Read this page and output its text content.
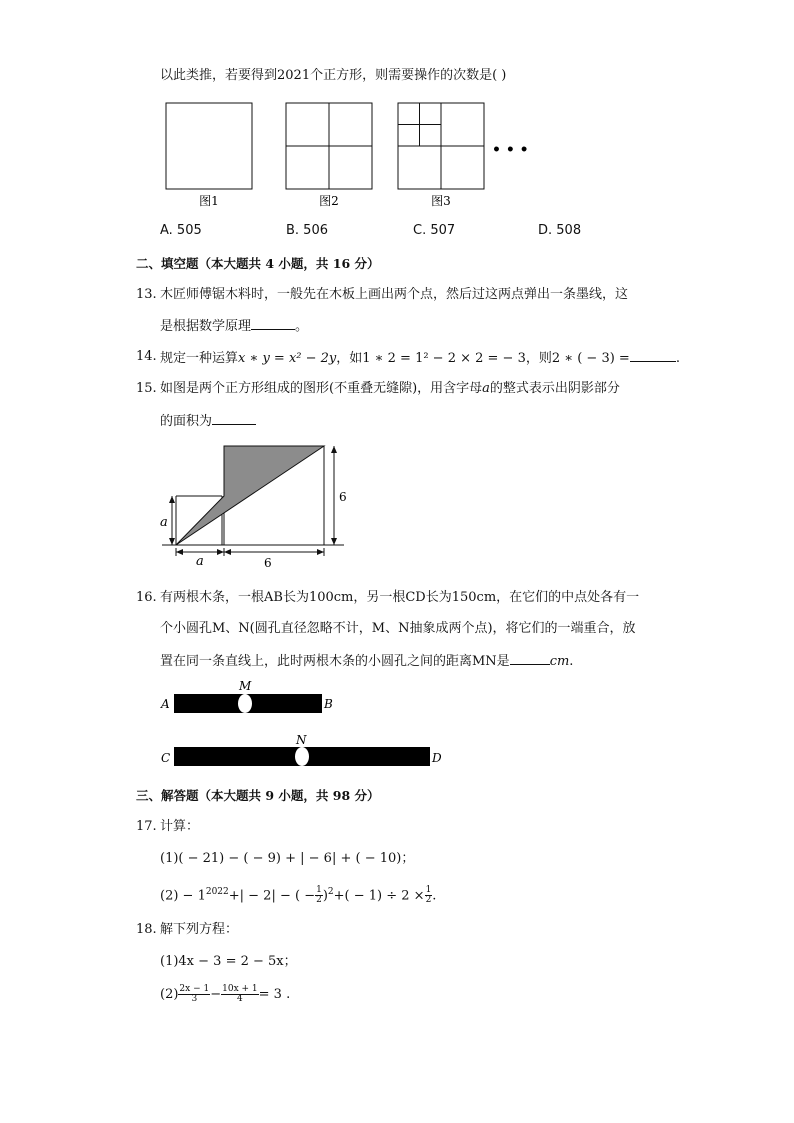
以此类推，若要得到2021个正方形，则需要操作的次数是( )
图1	图2	图3
• • •
A. 505	B. 506	C. 507	D. 508
二、填空题（本大题共 4 小题，共 16 分）
13. 木匠师傅锯木料时，一般先在木板上画出两个点，然后过这两点弹出一条墨线，这
是根据数学原理	。
14. 规定一种运算x ∗ y = x² − 2y，如1 ∗ 2 = 1² − 2 × 2 = − 3，则2 ∗ ( − 3) =	.
15. 如图是两个正方形组成的图形(不重叠无缝隙)，用含字母a的整式表示出阴影部分
的面积为
a
a	6
6
16. 有两根木条，一根AB长为100cm，另一根CD长为150cm，在它们的中点处各有一
个小圆孔M、N(圆孔直径忽略不计，M、N抽象成两个点)，将它们的一端重合，放
置在同一条直线上，此时两根木条的小圆孔之间的距离MN是	cm.
M
A	B
N
C	D
三、解答题（本大题共 9 小题，共 98 分）
17. 计算：
(1)( − 21) − ( − 9) + | − 6| + ( − 10)；
$(2) - 1^{2022}+| - 2|$ − ( − $\frac{1}{2} )^2+( - 1) \div 2 \times \frac{1}{2}$ .
18. 解下列方程：
(1)4x − 3 = 2 − 5x；
$(2) \frac{2x - 1}{3} - \frac{10x + 1}{4} = 3$ .
